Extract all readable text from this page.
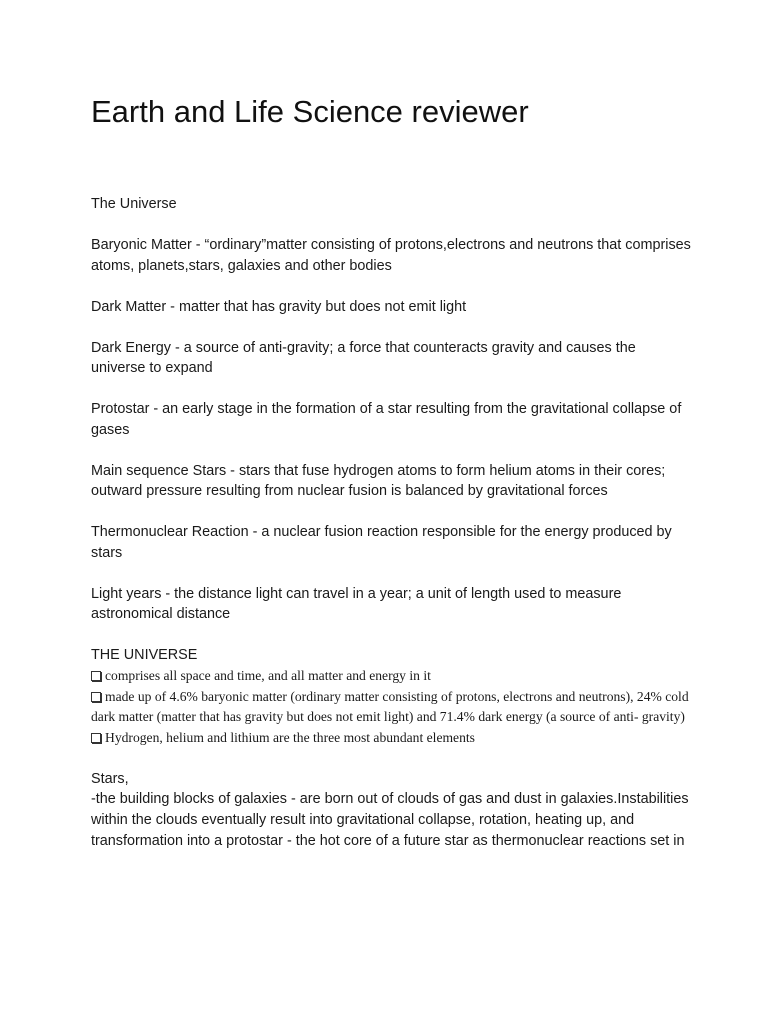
Earth and Life Science reviewer

The Universe

Baryonic Matter - “ordinary”matter consisting of protons,electrons and neutrons that comprises atoms, planets,stars, galaxies and other bodies

Dark Matter - matter that has gravity but does not emit light

Dark Energy - a source of anti-gravity; a force that counteracts gravity and causes the universe to expand

Protostar - an early stage in the formation of a star resulting from the gravitational collapse of gases

Main sequence Stars - stars that fuse hydrogen atoms to form helium atoms in their cores; outward pressure resulting from nuclear fusion is balanced by gravitational forces

Thermonuclear Reaction - a nuclear fusion reaction responsible for the energy produced by stars

Light years - the distance light can travel in a year; a unit of length used to measure astronomical distance

THE UNIVERSE

comprises all space and time, and all matter and energy in it
made up of 4.6% baryonic matter (ordinary matter consisting of protons, electrons and neutrons), 24% cold dark matter (matter that has gravity but does not emit light) and 71.4% dark energy (a source of anti- gravity)
Hydrogen, helium and lithium are the three most abundant elements

Stars,

-the building blocks of galaxies - are born out of clouds of gas and dust in galaxies.Instabilities within the clouds eventually result into gravitational collapse, rotation, heating up, and transformation into a protostar - the hot core of a future star as thermonuclear reactions set in
